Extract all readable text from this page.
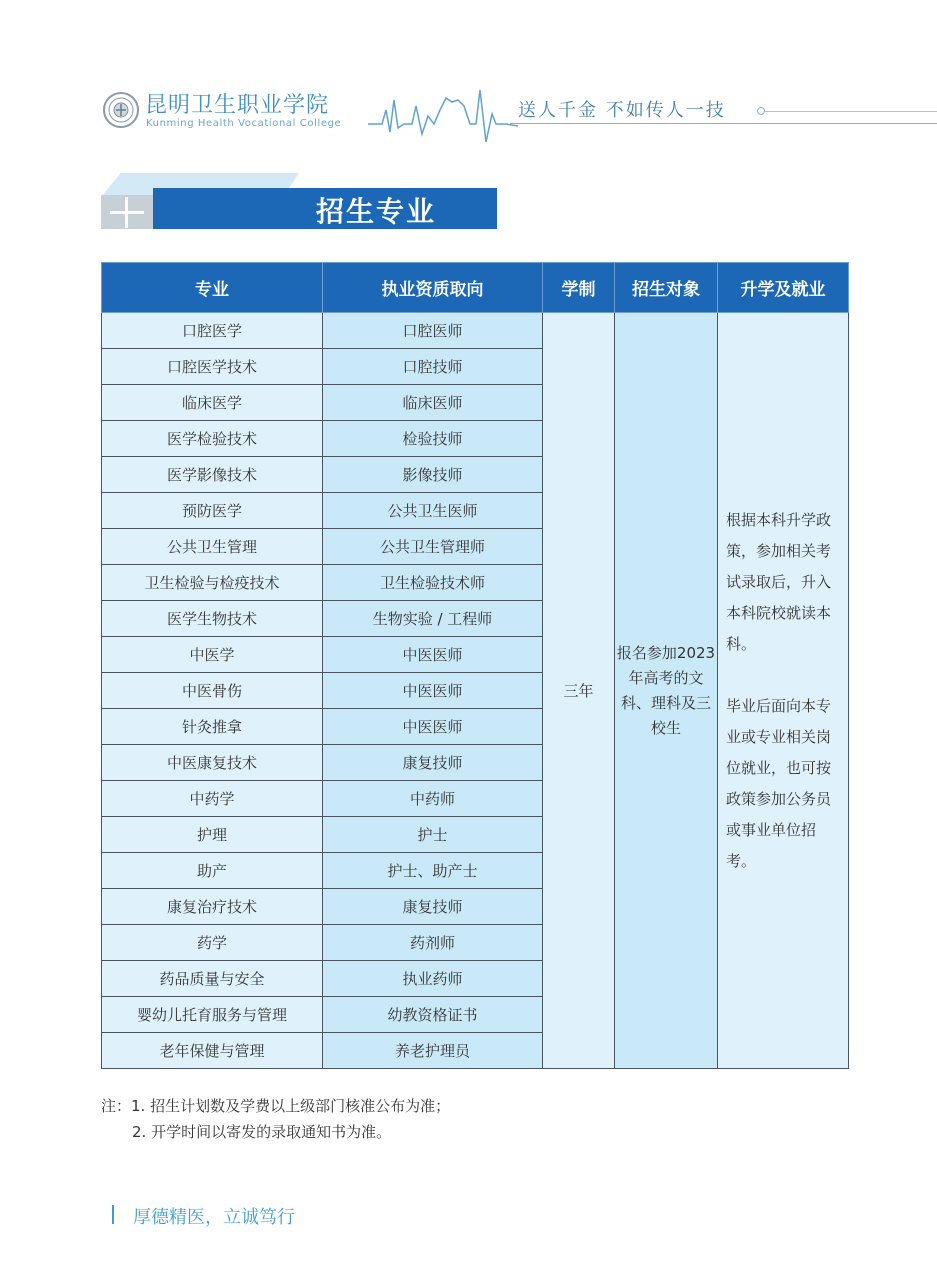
昆明卫生职业学院
Kunming Health Vocational College
送人千金 不如传人一技
招生专业
专业	执业资质取向	学制	招生对象	升学及就业
口腔医学	口腔医师	三年	报名参加2023年高考的文科、理科及三校生	根据本科升学政策，参加相关考试录取后，升入本科院校就读本科。

毕业后面向本专业或专业相关岗位就业，也可按政策参加公务员或事业单位招考。

口腔医学技术	口腔技师			
临床医学	临床医师			
医学检验技术	检验技师			
医学影像技术	影像技师			
预防医学	公共卫生医师			
公共卫生管理	公共卫生管理师			
卫生检验与检疫技术	卫生检验技术师			
医学生物技术	生物实验 / 工程师			
中医学	中医医师			
中医骨伤	中医医师			
针灸推拿	中医医师			
中医康复技术	康复技师			
中药学	中药师			
护理	护士			
助产	护士、助产士			
康复治疗技术	康复技师			
药学	药剂师			
药品质量与安全	执业药师			
婴幼儿托育服务与管理	幼教资格证书			
老年保健与管理	养老护理员			
注：1. 招生计划数及学费以上级部门核准公布为准；
2. 开学时间以寄发的录取通知书为准。
厚德精医，立诚笃行
